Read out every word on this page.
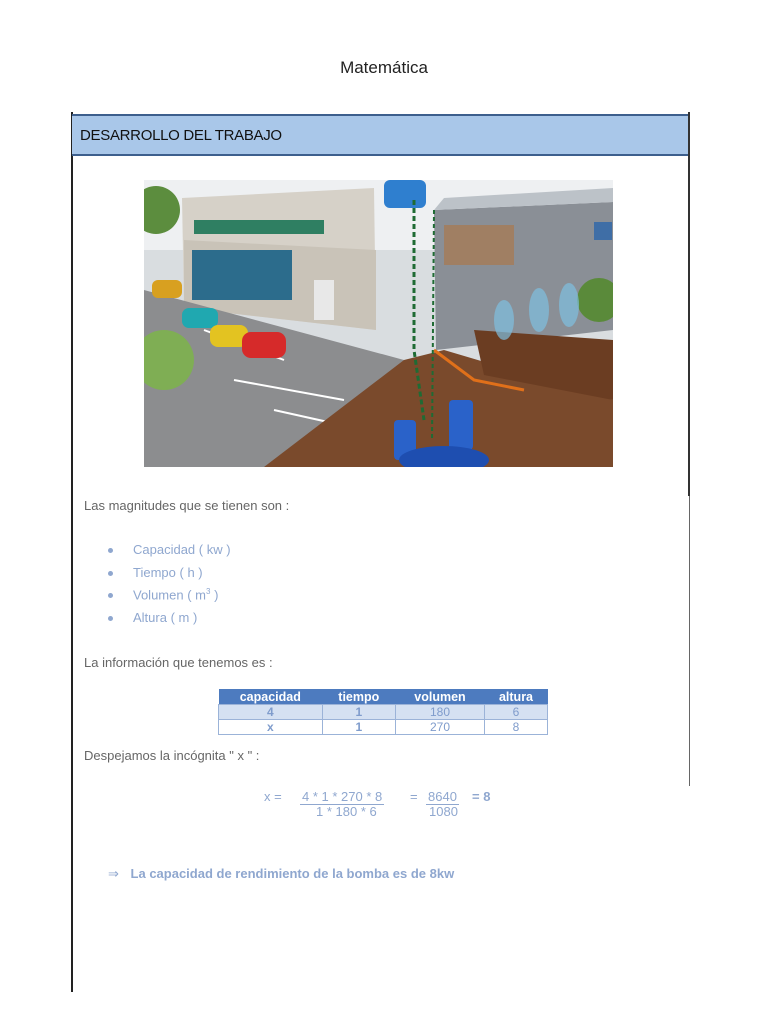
Matemática
DESARROLLO DEL TRABAJO
Las magnitudes que se tienen son :
Capacidad ( kw )
Tiempo ( h )
Volumen ( $m^3$ )
Altura ( m )
La información que tenemos es :
capacidad	tiempo	volumen	altura
4	1	180	6
x	1	270	8
Despejamos la incógnita " x " :
x = 4 * 1 * 270 * 8
1 * 180 * 6
= 8640
1080
= 8
⇒ La capacidad de rendimiento de la bomba es de 8kw
